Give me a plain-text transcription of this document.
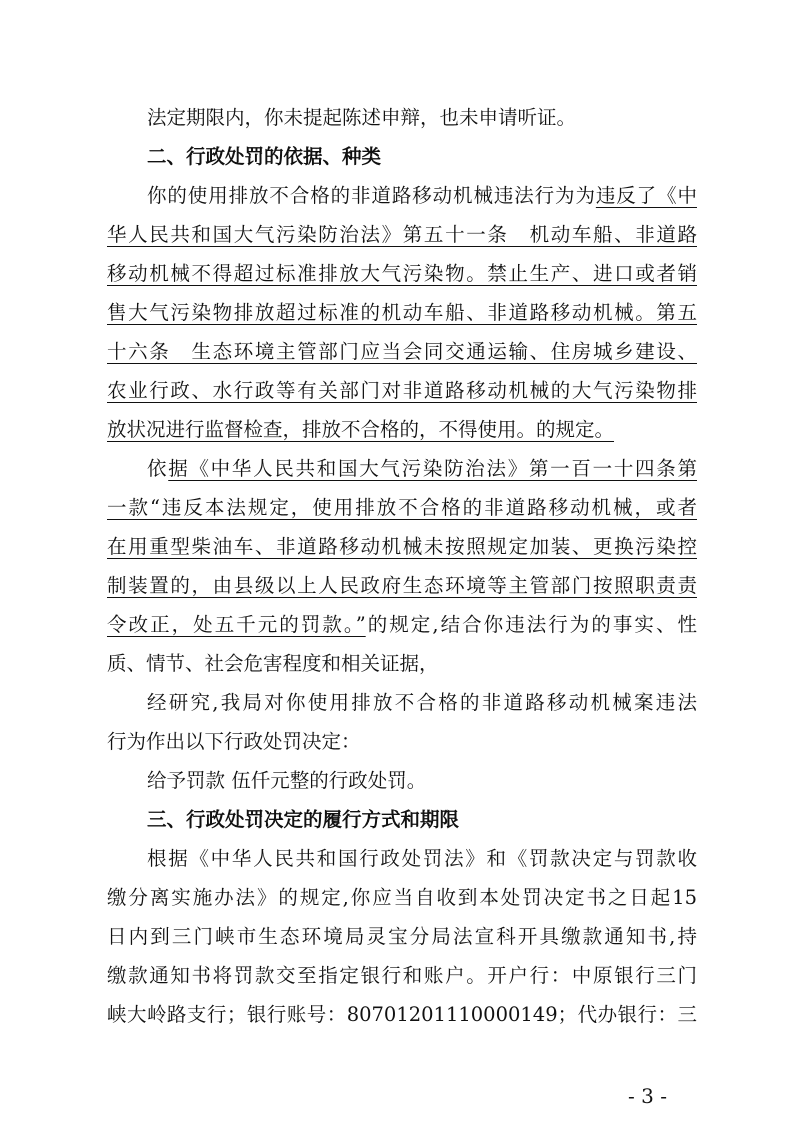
法定期限内，你未提起陈述申辩，也未申请听证。
二、行政处罚的依据、种类
你的使用排放不合格的非道路移动机械违法行为为违反了《中
华人民共和国大气污染防治法》第五十一条　机动车船、非道路
移动机械不得超过标准排放大气污染物。禁止生产、进口或者销
售大气污染物排放超过标准的机动车船、非道路移动机械。第五
十六条　生态环境主管部门应当会同交通运输、住房城乡建设、
农业行政、水行政等有关部门对非道路移动机械的大气污染物排
放状况进行监督检查，排放不合格的，不得使用。的规定。
依据《中华人民共和国大气污染防治法》第一百一十四条第
一款“违反本法规定，使用排放不合格的非道路移动机械，或者
在用重型柴油车、非道路移动机械未按照规定加装、更换污染控
制装置的，由县级以上人民政府生态环境等主管部门按照职责责
令改正，处五千元的罚款。”的规定,结合你违法行为的事实、性
质、情节、社会危害程度和相关证据，
经研究,我局对你使用排放不合格的非道路移动机械案违法
行为作出以下行政处罚决定：
给予罚款 伍仟元整的行政处罚。
三、行政处罚决定的履行方式和期限
根据《中华人民共和国行政处罚法》和《罚款决定与罚款收
缴分离实施办法》的规定,你应当自收到本处罚决定书之日起15
日内到三门峡市生态环境局灵宝分局法宣科开具缴款通知书,持
缴款通知书将罚款交至指定银行和账户。开户行：中原银行三门
峡大岭路支行；银行账号：80701201110000149；代办银行：三
- 3 -
